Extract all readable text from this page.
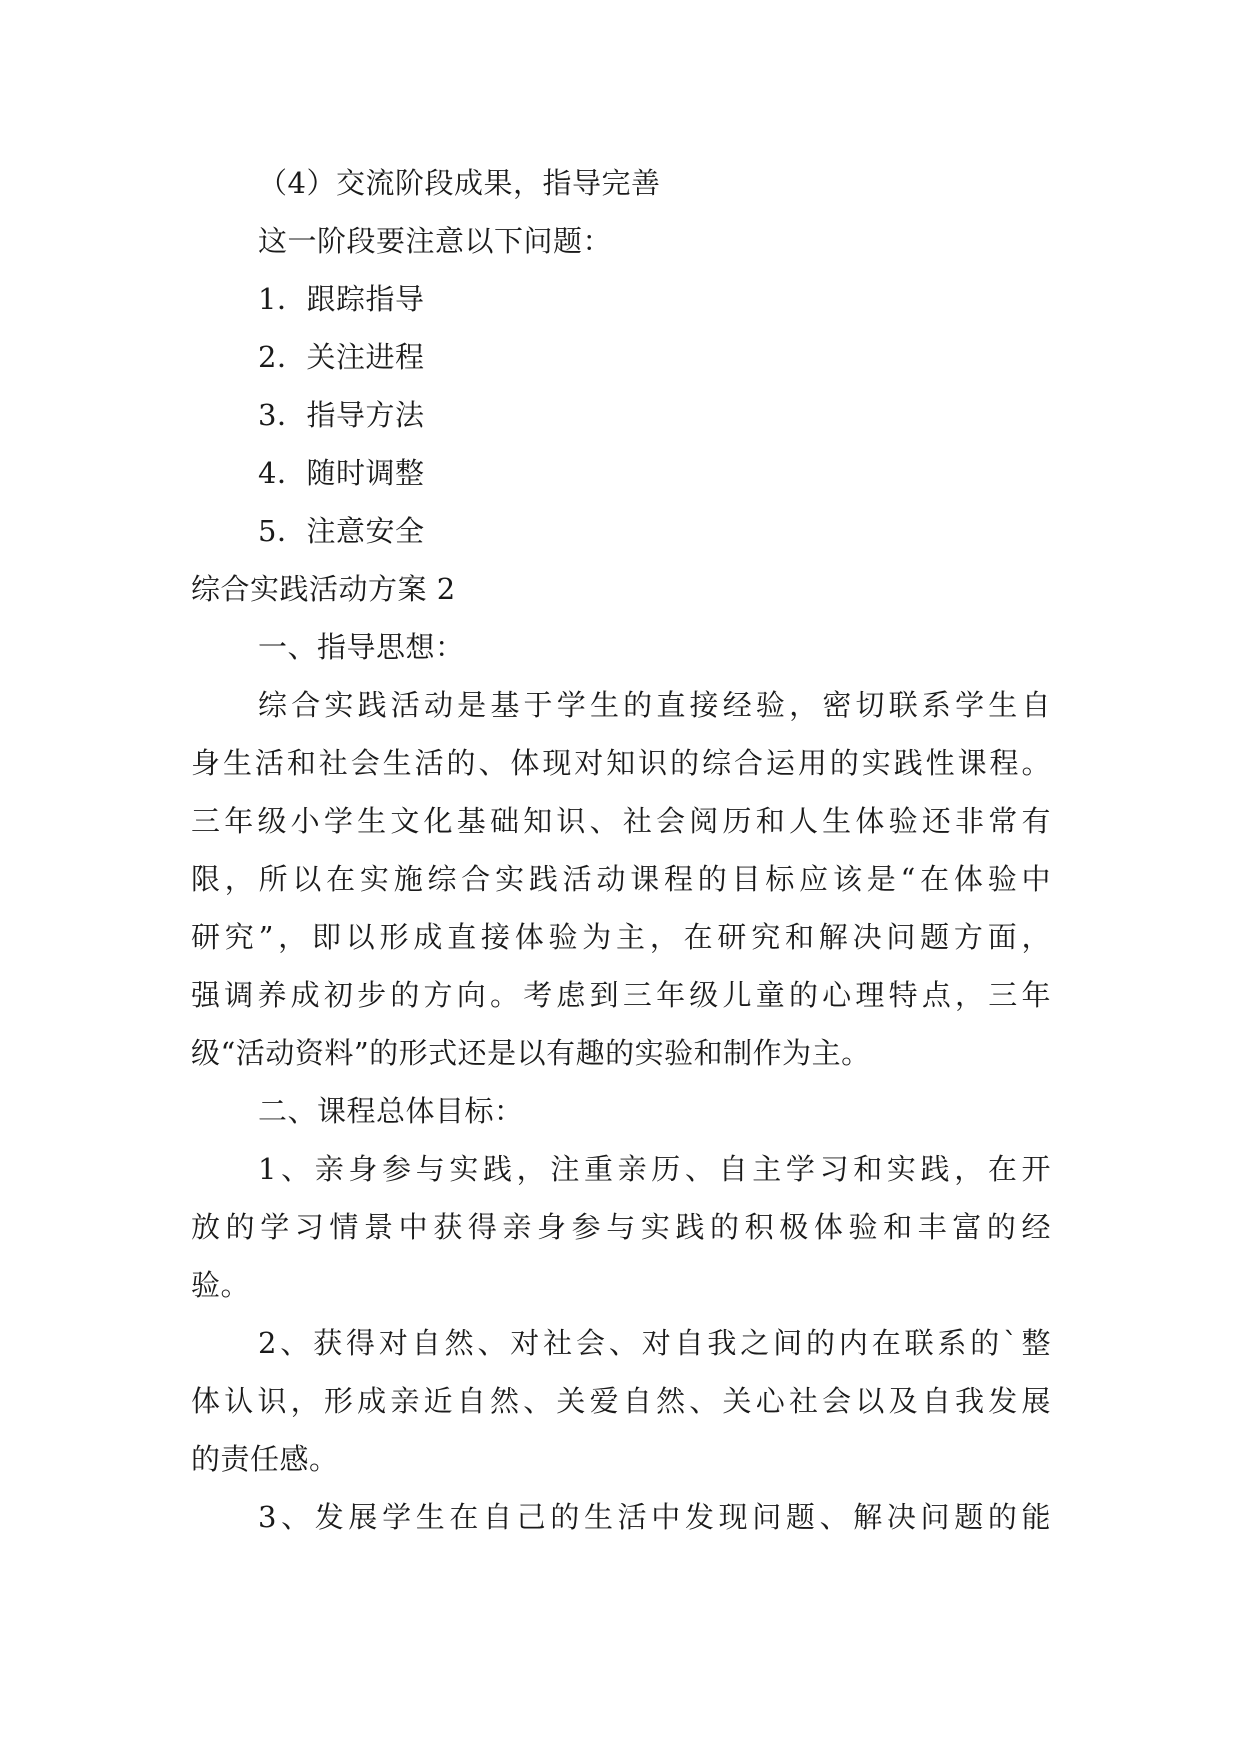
（4）交流阶段成果，指导完善
这一阶段要注意以下问题：
1．跟踪指导
2．关注进程
3．指导方法
4．随时调整
5．注意安全
综合实践活动方案 2
一、指导思想：
综合实践活动是基于学生的直接经验，密切联系学生自
身生活和社会生活的、体现对知识的综合运用的实践性课程。
三年级小学生文化基础知识、社会阅历和人生体验还非常有
限，所以在实施综合实践活动课程的目标应该是“在体验中
研究”，即以形成直接体验为主，在研究和解决问题方面，
强调养成初步的方向。考虑到三年级儿童的心理特点，三年
级“活动资料”的形式还是以有趣的实验和制作为主。
二、课程总体目标：
1、亲身参与实践，注重亲历、自主学习和实践，在开
放的学习情景中获得亲身参与实践的积极体验和丰富的经
验。
2、获得对自然、对社会、对自我之间的内在联系的`整
体认识，形成亲近自然、关爱自然、关心社会以及自我发展
的责任感。
3、发展学生在自己的生活中发现问题、解决问题的能
